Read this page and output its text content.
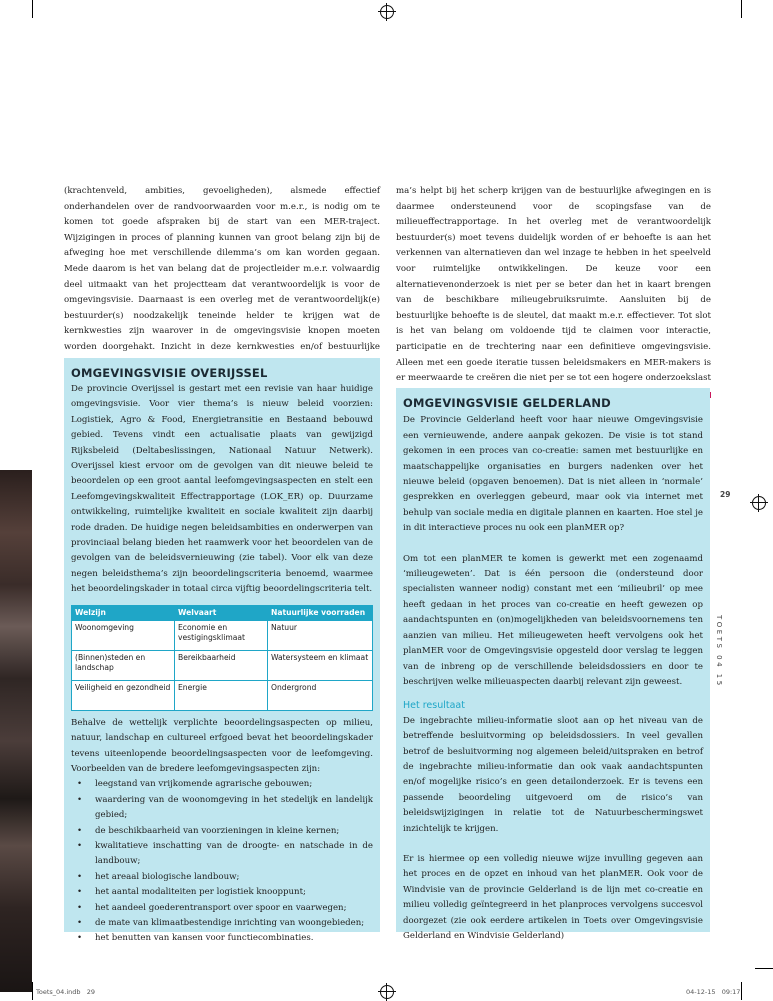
(krachtenveld, ambities, gevoeligheden), alsmede effectief onderhandelen over de randvoorwaarden voor m.e.r., is nodig om te komen tot goede afspraken bij de start van een MER-traject. Wijzigingen in proces of planning kunnen van groot belang zijn bij de afweging hoe met verschillende dilemma’s om kan worden gegaan. Mede daarom is het van belang dat de projectleider m.e.r. volwaardig deel uitmaakt van het projectteam dat verantwoordelijk is voor de omgevingsvisie. Daarnaast is een overleg met de verantwoordelijk(e) bestuurder(s) noodzakelijk teneinde helder te krijgen wat de kernkwesties zijn waarover in de omgevingsvisie knopen moeten worden doorgehakt. Inzicht in deze kernkwesties en/of bestuurlijke

ma’s helpt bij het scherp krijgen van de bestuurlijke afwegingen en is daarmee ondersteunend voor de scopingsfase van de milieueffectrapportage. In het overleg met de verantwoordelijk bestuurder(s) moet tevens duidelijk worden of er behoefte is aan het verkennen van alternatieven dan wel inzage te hebben in het speelveld voor ruimtelijke ontwikkelingen. De keuze voor een alternatievenonderzoek is niet per se beter dan het in kaart brengen van de beschikbare milieugebruiksruimte. Aansluiten bij de bestuurlijke behoefte is de sleutel, dat maakt m.e.r. effectiever. Tot slot is het van belang om voldoende tijd te claimen voor interactie, participatie en de trechtering naar een definitieve omgevingsvisie. Alleen met een goede iteratie tussen beleidsmakers en MER-makers is er meerwaarde te creëren die niet per se tot een hogere onderzoekslast

OMGEVINGSVISIE OVERIJSSEL

De provincie Overijssel is gestart met een revisie van haar huidige omgevingsvisie. Voor vier thema’s is nieuw beleid voorzien: Logistiek, Agro & Food, Energietransitie en Bestaand bebouwd gebied. Tevens vindt een actualisatie plaats van gewijzigd Rijksbeleid (Deltabeslissingen, Nationaal Natuur Netwerk). Overijssel kiest ervoor om de gevolgen van dit nieuwe beleid te beoordelen op een groot aantal leefomgevingsaspecten en stelt een Leefomgevingskwaliteit Effectrapportage (LOK_ER) op. Duurzame ontwikkeling, ruimtelijke kwaliteit en sociale kwaliteit zijn daarbij rode draden. De huidige negen beleidsambities en onderwerpen van provinciaal belang bieden het raamwerk voor het beoordelen van de gevolgen van de beleidsvernieuwing (zie tabel). Voor elk van deze negen beleidsthema’s zijn beoordelingscriteria benoemd, waarmee het beoordelingskader in totaal circa vijftig beoordelingscriteria telt.

Welzijn	Welvaart	Natuurlijke voorraden
Woonomgeving	Economie en vestigingsklimaat	Natuur
(Binnen)steden en landschap	Bereikbaarheid	Watersysteem en klimaat
Veiligheid en gezondheid	Energie	Ondergrond

Behalve de wettelijk verplichte beoordelingsaspecten op milieu, natuur, landschap en cultureel erfgoed bevat het beoordelingskader tevens uiteenlopende beoordelingsaspecten voor de leefomgeving. Voorbeelden van de bredere leefomgevingsaspecten zijn:

• leegstand van vrijkomende agrarische gebouwen;
• waardering van de woonomgeving in het stedelijk en landelijk gebied;
• de beschikbaarheid van voorzieningen in kleine kernen;
• kwalitatieve inschatting van de droogte- en natschade in de landbouw;
• het areaal biologische landbouw;
• het aantal modaliteiten per logistiek knooppunt;
• het aandeel goederentransport over spoor en vaarwegen;
• de mate van klimaatbestendige inrichting van woongebieden;
• het benutten van kansen voor functiecombinaties.
OMGEVINGSVISIE GELDERLAND

De Provincie Gelderland heeft voor haar nieuwe Omgevingsvisie een vernieuwende, andere aanpak gekozen. De visie is tot stand gekomen in een proces van co-creatie: samen met bestuurlijke en maatschappelijke organisaties en burgers nadenken over het nieuwe beleid (opgaven benoemen). Dat is niet alleen in ‘normale’ gesprekken en overleggen gebeurd, maar ook via internet met behulp van sociale media en digitale plannen en kaarten. Hoe stel je in dit interactieve proces nu ook een planMER op?

Om tot een planMER te komen is gewerkt met een zogenaamd ‘milieugeweten’. Dat is één persoon die (ondersteund door specialisten wanneer nodig) constant met een ‘milieubril’ op mee heeft gedaan in het proces van co-creatie en heeft gewezen op aandachtspunten en (on)mogelijkheden van beleidsvoornemens ten aanzien van milieu. Het milieugeweten heeft vervolgens ook het planMER voor de Omgevingsvisie opgesteld door verslag te leggen van de inbreng op de verschillende beleidsdossiers en door te beschrijven welke milieuaspecten daarbij relevant zijn geweest.

Het resultaat

De ingebrachte milieu-informatie sloot aan op het niveau van de betreffende besluitvorming op beleidsdossiers. In veel gevallen betrof de besluitvorming nog algemeen beleid/uitspraken en betrof de ingebrachte milieu-informatie dan ook vaak aandachtspunten en/of mogelijke risico’s en geen detailonderzoek. Er is tevens een passende beoordeling uitgevoerd om de risico’s van beleidswijzigingen in relatie tot de Natuurbeschermingswet inzichtelijk te krijgen.

Er is hiermee op een volledig nieuwe wijze invulling gegeven aan het proces en de opzet en inhoud van het planMER. Ook voor de Windvisie van de provincie Gelderland is de lijn met co-creatie en milieu volledig geïntegreerd in het planproces vervolgens succesvol doorgezet (zie ook eerdere artikelen in Toets over Omgevingsvisie Gelderland en Windvisie Gelderland)

29
TOETS 04 15
Toets_04.indb   29	04-12-15   09:17
